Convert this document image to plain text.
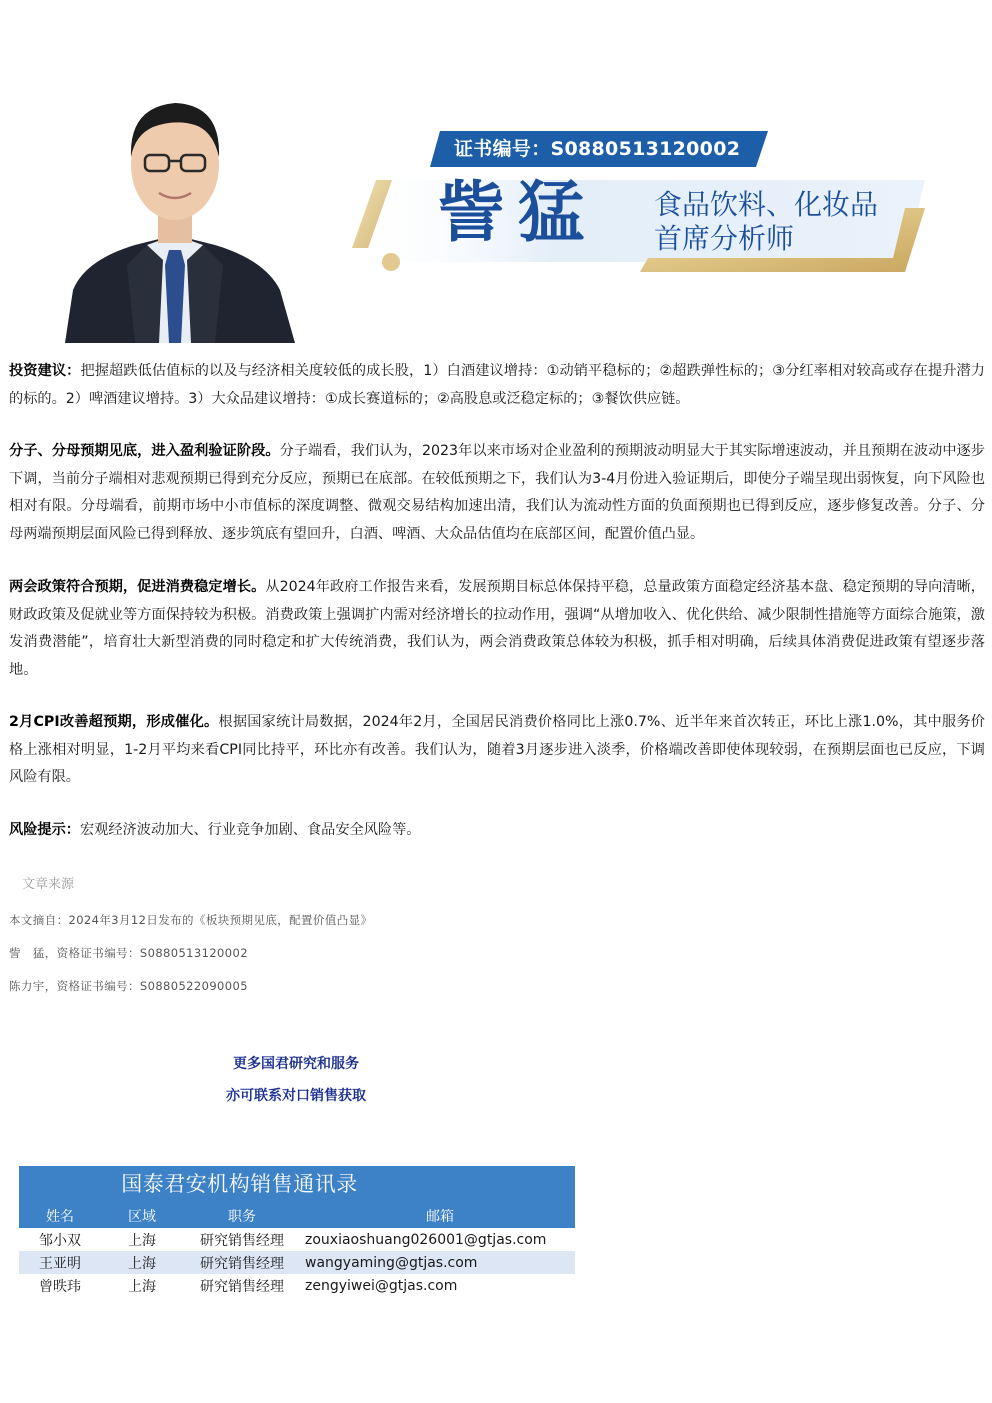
证书编号：S0880513120002
訾猛	食品饮料、化妆品
首席分析师

投资建议：把握超跌低估值标的以及与经济相关度较低的成长股，1）白酒建议增持：①动销平稳标的；②超跌弹性标的；③分红率相对较高或存在提升潜力的标的。2）啤酒建议增持。3）大众品建议增持：①成长赛道标的；②高股息或泛稳定标的；③餐饮供应链。

分子、分母预期见底，进入盈利验证阶段。分子端看，我们认为，2023年以来市场对企业盈利的预期波动明显大于其实际增速波动，并且预期在波动中逐步下调，当前分子端相对悲观预期已得到充分反应，预期已在底部。在较低预期之下，我们认为3-4月份进入验证期后，即使分子端呈现出弱恢复，向下风险也相对有限。分母端看，前期市场中小市值标的深度调整、微观交易结构加速出清，我们认为流动性方面的负面预期也已得到反应，逐步修复改善。分子、分母两端预期层面风险已得到释放、逐步筑底有望回升，白酒、啤酒、大众品估值均在底部区间，配置价值凸显。

两会政策符合预期，促进消费稳定增长。从2024年政府工作报告来看，发展预期目标总体保持平稳，总量政策方面稳定经济基本盘、稳定预期的导向清晰，财政政策及促就业等方面保持较为积极。消费政策上强调扩内需对经济增长的拉动作用，强调“从增加收入、优化供给、减少限制性措施等方面综合施策，激发消费潜能”，培育壮大新型消费的同时稳定和扩大传统消费，我们认为，两会消费政策总体较为积极，抓手相对明确，后续具体消费促进政策有望逐步落地。

2月CPI改善超预期，形成催化。根据国家统计局数据，2024年2月，全国居民消费价格同比上涨0.7%、近半年来首次转正，环比上涨1.0%，其中服务价格上涨相对明显，1-2月平均来看CPI同比持平，环比亦有改善。我们认为，随着3月逐步进入淡季，价格端改善即使体现较弱，在预期层面也已反应，下调风险有限。

风险提示：宏观经济波动加大、行业竞争加剧、食品安全风险等。

文章来源
本文摘自：2024年3月12日发布的《板块预期见底，配置价值凸显》
訾　猛，资格证书编号：S0880513120002
陈力宇，资格证书编号：S0880522090005
更多国君研究和服务
亦可联系对口销售获取
国泰君安机构销售通讯录
姓名	区域	职务	邮箱
邹小双	上海	研究销售经理	zouxiaoshuang026001@gtjas.com
王亚明	上海	研究销售经理	wangyaming@gtjas.com
曾昳玮	上海	研究销售经理	zengyiwei@gtjas.com
